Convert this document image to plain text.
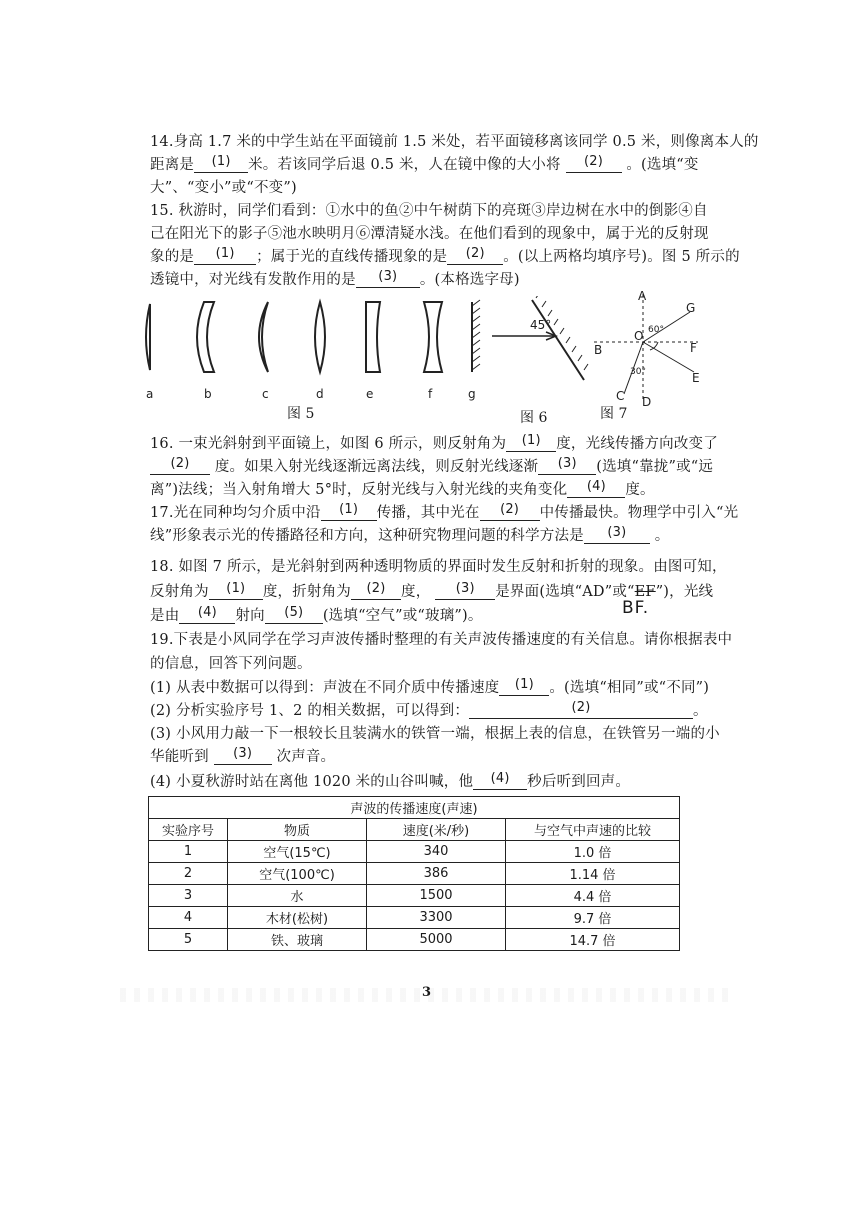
14.身高 1.7 米的中学生站在平面镜前 1.5 米处，若平面镜移离该同学 0.5 米，则像离本人的
距离是 (1) 米。若该同学后退 0.5 米，人在镜中像的大小将 (2) 。(选填“变
大”、“变小”或“不变”)
15. 秋游时，同学们看到：①水中的鱼②中午树荫下的亮斑③岸边树在水中的倒影④自
己在阳光下的影子⑤池水映明月⑥潭清疑水浅。在他们看到的现象中，属于光的反射现
象的是 (1) ；属于光的直线传播现象的是 (2) 。(以上两格均填序号)。图 5 所示的
透镜中，对光线有发散作用的是 (3) 。(本格选字母)
a	b	c	d	e	f	g
图 5
45°
图 6
A
G
B
O
F
C D
E
60°
30°
图 7
16. 一束光斜射到平面镜上，如图 6 所示，则反射角为 (1) 度，光线传播方向改变了
(2) 度。如果入射光线逐渐远离法线，则反射光线逐渐 (3) (选填“靠拢”或“远
离”)法线；当入射角增大 5°时，反射光线与入射光线的夹角变化 (4) 度。
17.光在同种均匀介质中沿 (1) 传播，其中光在 (2) 中传播最快。物理学中引入“光
线”形象表示光的传播路径和方向，这种研究物理问题的科学方法是 (3) 。
18. 如图 7 所示，是光斜射到两种透明物质的界面时发生反射和折射的现象。由图可知，
反射角为 (1) 度，折射角为 (2) 度， (3) 是界面(选填“AD”或“EF”)，光线
是由 (4) 射向 (5) (选填“空气”或“玻璃”)。	BF.
19.下表是小风同学在学习声波传播时整理的有关声波传播速度的有关信息。请你根据表中
的信息，回答下列问题。
(1) 从表中数据可以得到：声波在不同介质中传播速度 (1) 。(选填“相同”或“不同”)
(2) 分析实验序号 1、2 的相关数据，可以得到：	(2)	。
(3) 小风用力敲一下一根较长且装满水的铁管一端，根据上表的信息，在铁管另一端的小
华能听到 (3) 次声音。
(4) 小夏秋游时站在离他 1020 米的山谷叫喊，他 (4) 秒后听到回声。
声波的传播速度(声速)			
实验序号	物质	速度(米/秒)	与空气中声速的比较
1	空气(15℃)	340	1.0 倍
2	空气(100℃)	386	1.14 倍
3	水	1500	4.4 倍
4	木材(松树)	3300	9.7 倍
5	铁、玻璃	5000	14.7 倍
3
